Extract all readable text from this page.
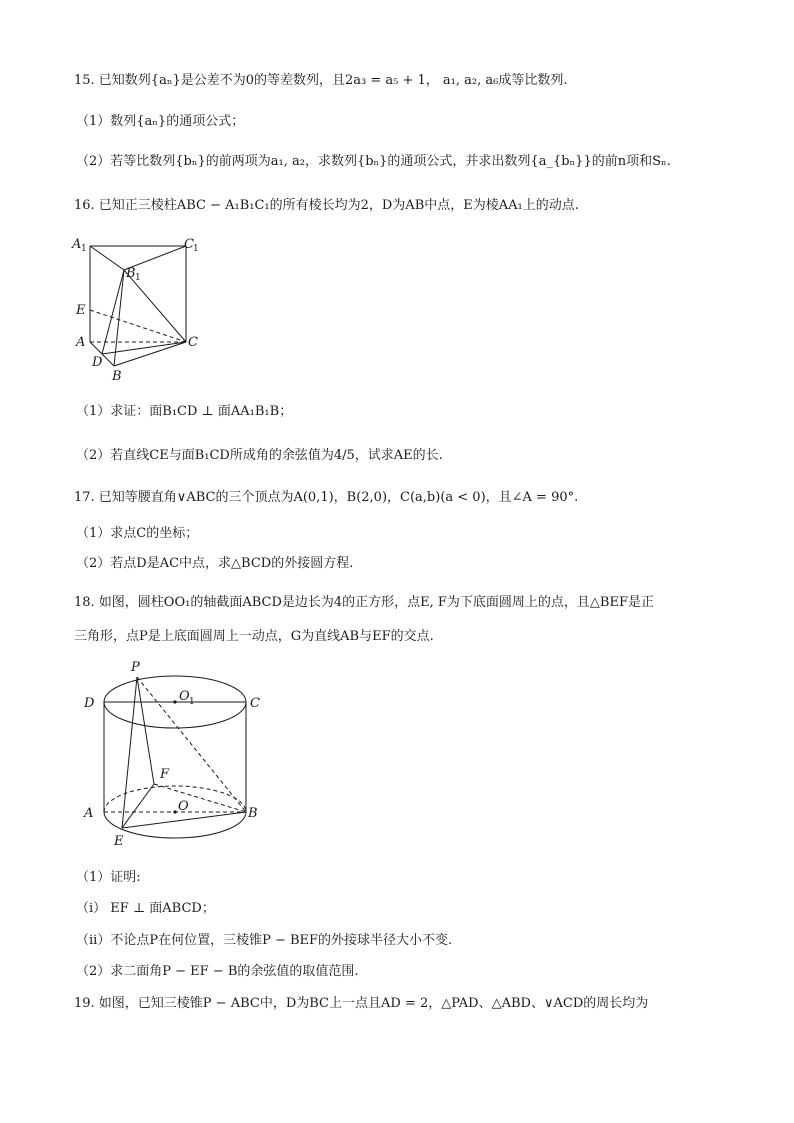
15. 已知数列{aₙ}是公差不为0的等差数列，且2a₃ = a₅ + 1， a₁, a₂, a₆成等比数列.
（1）数列{aₙ}的通项公式；
（2）若等比数列{bₙ}的前两项为a₁, a₂，求数列{bₙ}的通项公式，并求出数列{a_{bₙ}}的前n项和Sₙ.
16. 已知正三棱柱ABC − A₁B₁C₁的所有棱长均为2，D为AB中点，E为棱AA₁上的动点.
A 1	C 1
B 1
E
A
D
B
C
（1）求证：面B₁CD ⊥ 面AA₁B₁B；
（2）若直线CE与面B₁CD所成角的余弦值为4/5，试求AE的长.
17. 已知等腰直角∨ABC的三个顶点为A(0,1)，B(2,0)，C(a,b)(a < 0)，且∠A = 90°.
（1）求点C的坐标；
（2）若点D是AC中点，求△BCD的外接圆方程.
18. 如图，圆柱OO₁的轴截面ABCD是边长为4的正方形，点E, F为下底面圆周上的点，且△BEF是正
三角形，点P是上底面圆周上一动点，G为直线AB与EF的交点.
P
D	O 1	C
F
A	O	B
E
（1）证明:
（i） EF ⊥ 面ABCD；
（ii）不论点P在何位置，三棱锥P − BEF的外接球半径大小不变.
（2）求二面角P − EF − B的余弦值的取值范围.
19. 如图，已知三棱锥P − ABC中，D为BC上一点且AD = 2，△PAD、△ABD、∨ACD的周长均为
